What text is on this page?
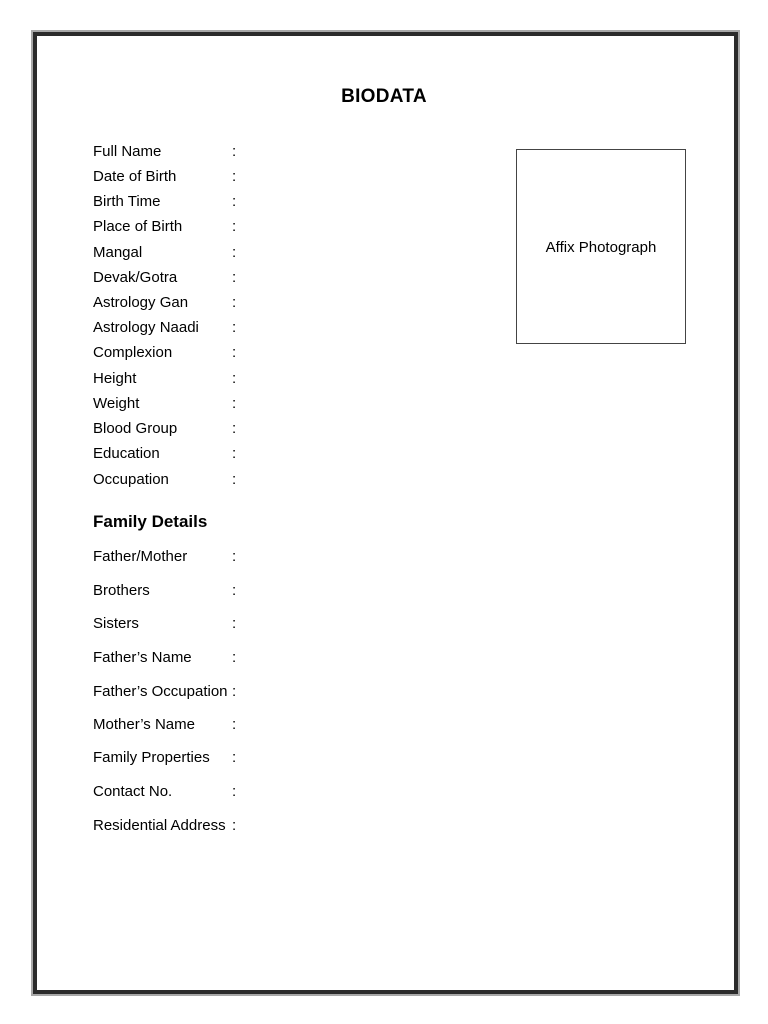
BIODATA
Full Name	:
Date of Birth	:
Birth Time	:
Place of Birth	:
Mangal	:
Devak/Gotra	:
Astrology Gan	:
Astrology Naadi :
Complexion	:
Height	:
Weight	:
Blood Group	:
Education	:
Occupation	:
Affix Photograph
Family Details
Father/Mother	:
Brothers	:
Sisters	:
Father’s Name	:
Father’s Occupation :
Mother’s Name :
Family Properties :
Contact No.	:
Residential Address :
